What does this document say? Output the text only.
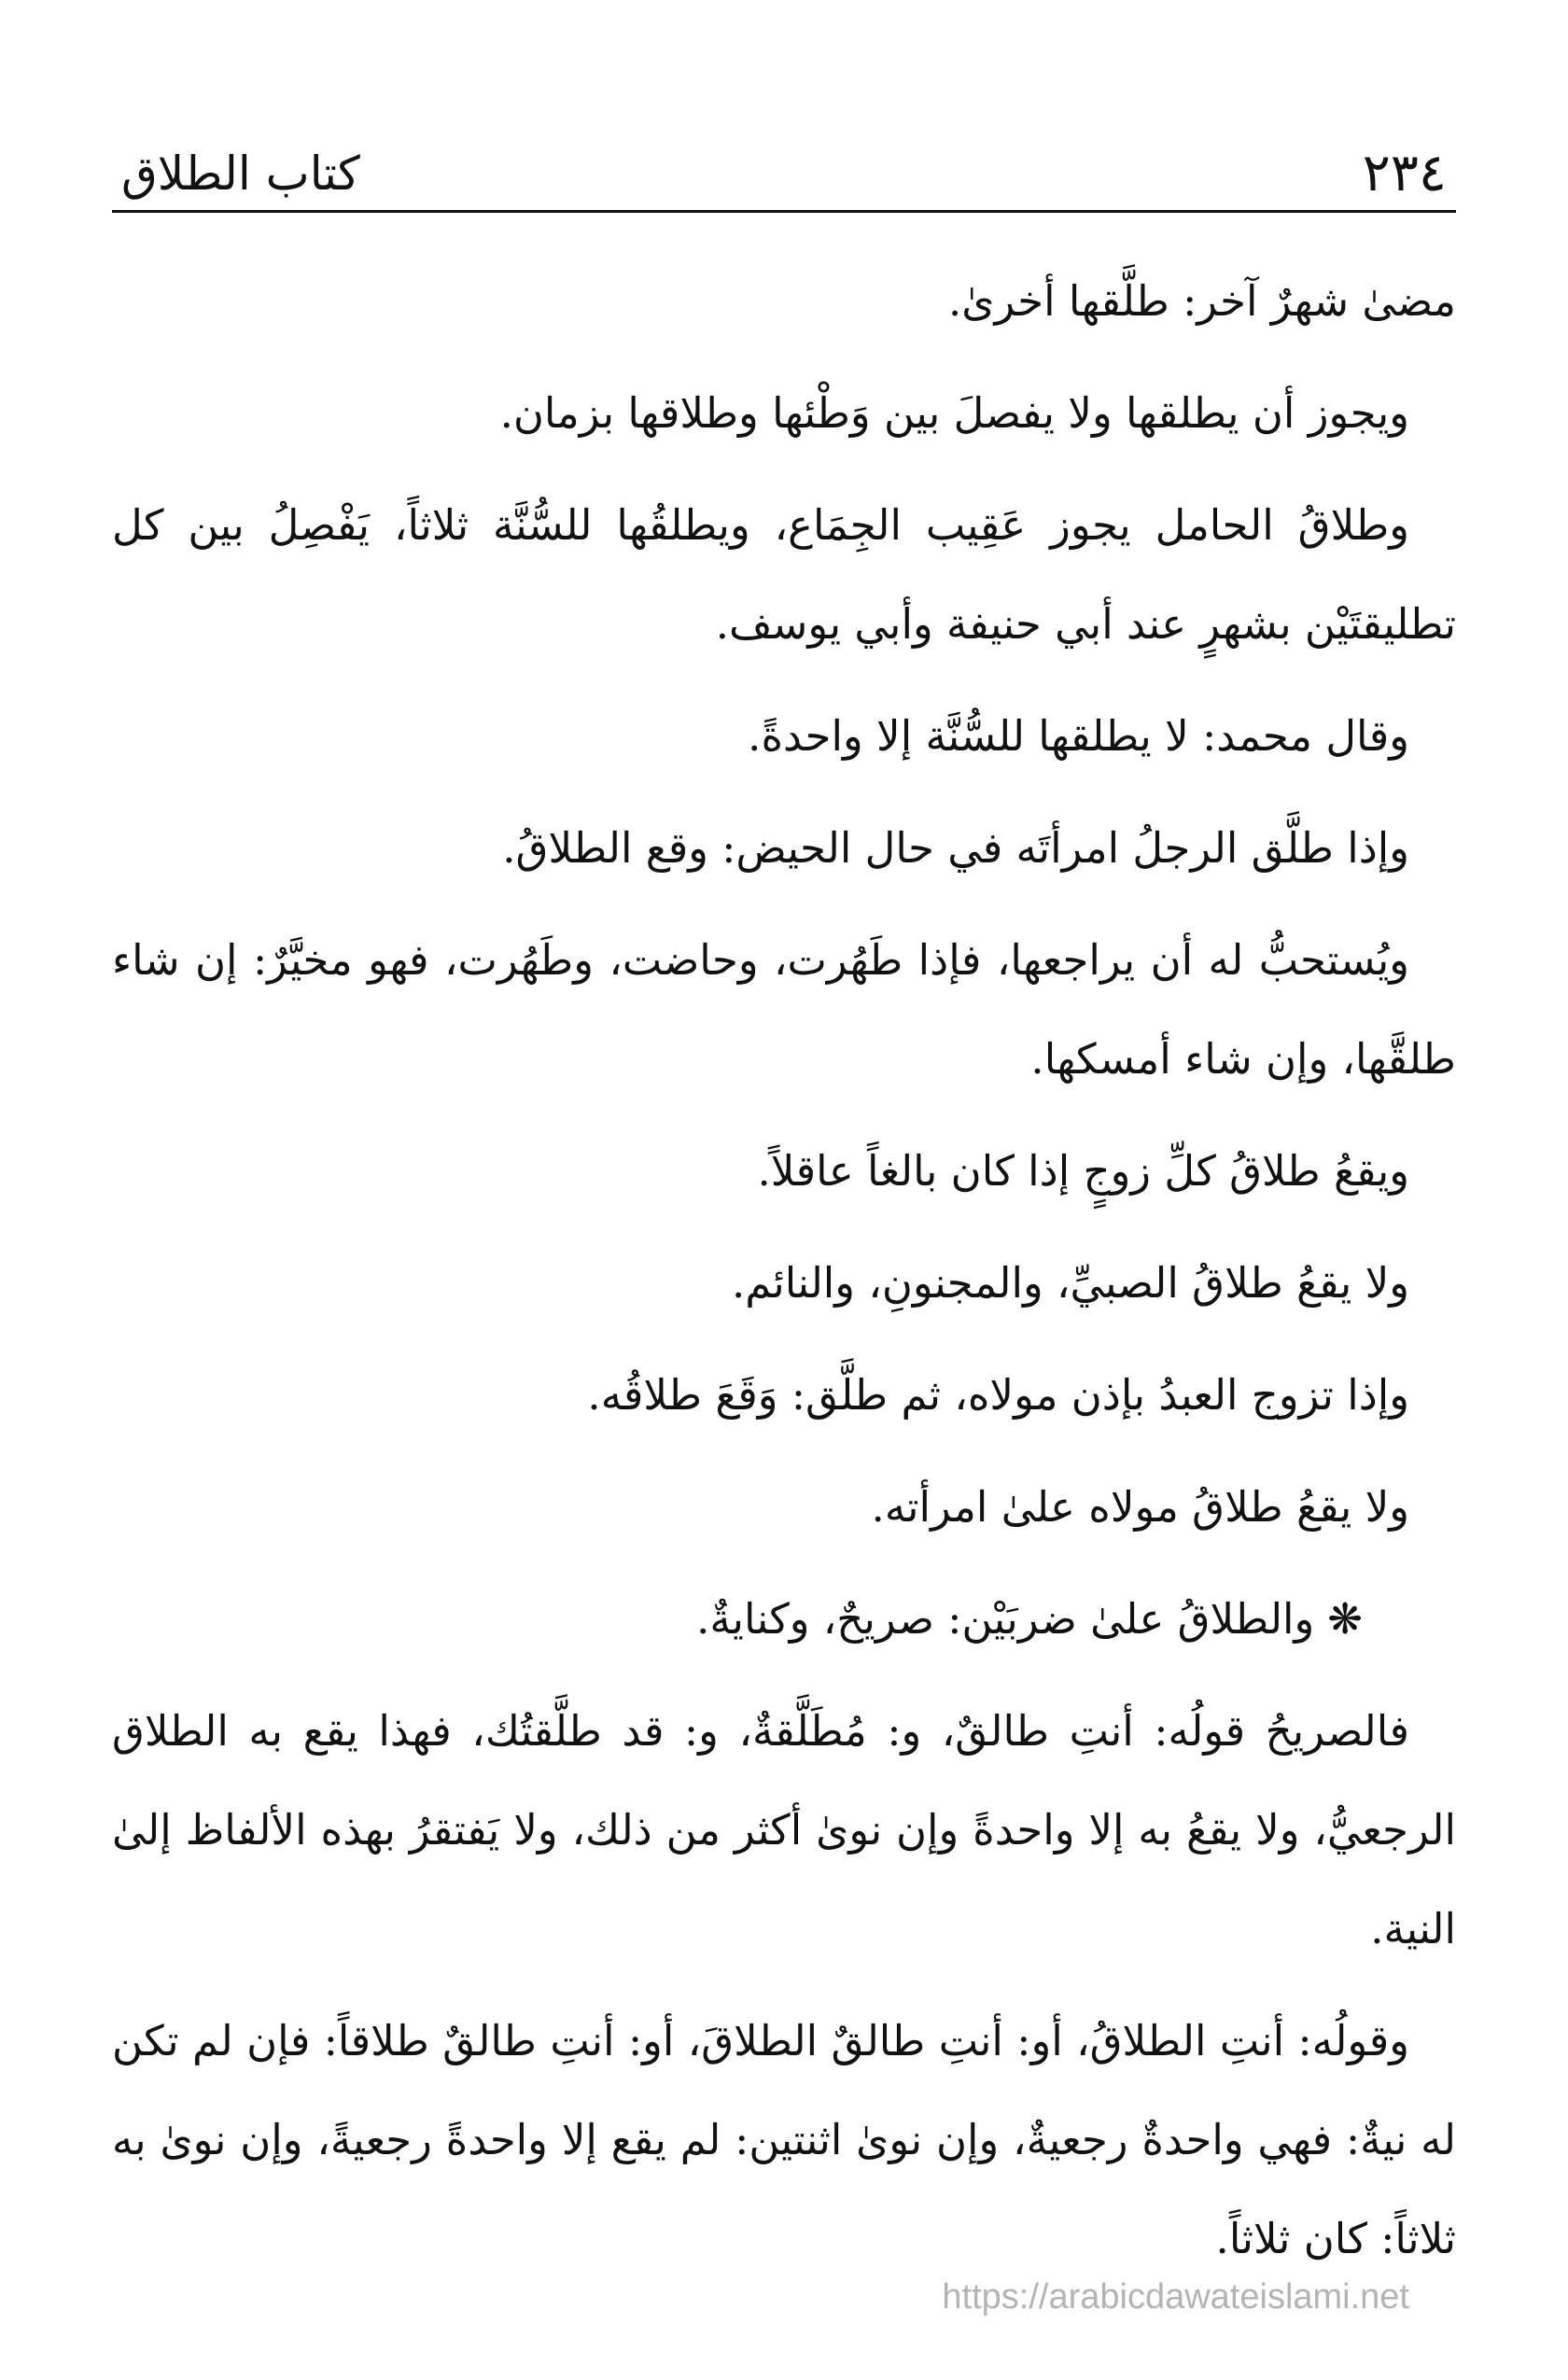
٢٣٤
كتاب الطلاق

مضىٰ شهرٌ آخر: طلَّقها أخرىٰ.

ويجوز أن يطلقها ولا يفصلَ بين وَطْئها وطلاقها بزمان.

وطلاقُ الحامل يجوز عَقِيب الجِمَاع، ويطلقُها للسُّنَّة ثلاثاً، يَفْصِلُ بين كل تطليقتَيْن بشهرٍ عند أبي حنيفة وأبي يوسف.

وقال محمد: لا يطلقها للسُّنَّة إلا واحدةً.

وإذا طلَّق الرجلُ امرأتَه في حال الحيض: وقع الطلاقُ.

ويُستحبُّ له أن يراجعها، فإذا طَهُرت، وحاضت، وطَهُرت، فهو مخيَّرٌ: إن شاء طلقَّها، وإن شاء أمسكها.

ويقعُ طلاقُ كلِّ زوجٍ إذا كان بالغاً عاقلاً.

ولا يقعُ طلاقُ الصبيِّ، والمجنونِ، والنائم.

وإذا تزوج العبدُ بإذن مولاه، ثم طلَّق: وَقَعَ طلاقُه.

ولا يقعُ طلاقُ مولاه علىٰ امرأته.

❋والطلاقُ علىٰ ضربَيْن: صريحٌ، وكنايةٌ.

فالصريحُ قولُه: أنتِ طالقٌ، و: مُطَلَّقةٌ، و: قد طلَّقتُك، فهذا يقع به الطلاق الرجعيُّ، ولا يقعُ به إلا واحدةً وإن نوىٰ أكثر من ذلك، ولا يَفتقرُ بهذه الألفاظ إلىٰ النية.

وقولُه: أنتِ الطلاقُ، أو: أنتِ طالقٌ الطلاقَ، أو: أنتِ طالقٌ طلاقاً: فإن لم تكن له نيةٌ: فهي واحدةٌ رجعيةٌ، وإن نوىٰ اثنتين: لم يقع إلا واحدةً رجعيةً، وإن نوىٰ به ثلاثاً: كان ثلاثاً.

https://arabicdawateislami.net
